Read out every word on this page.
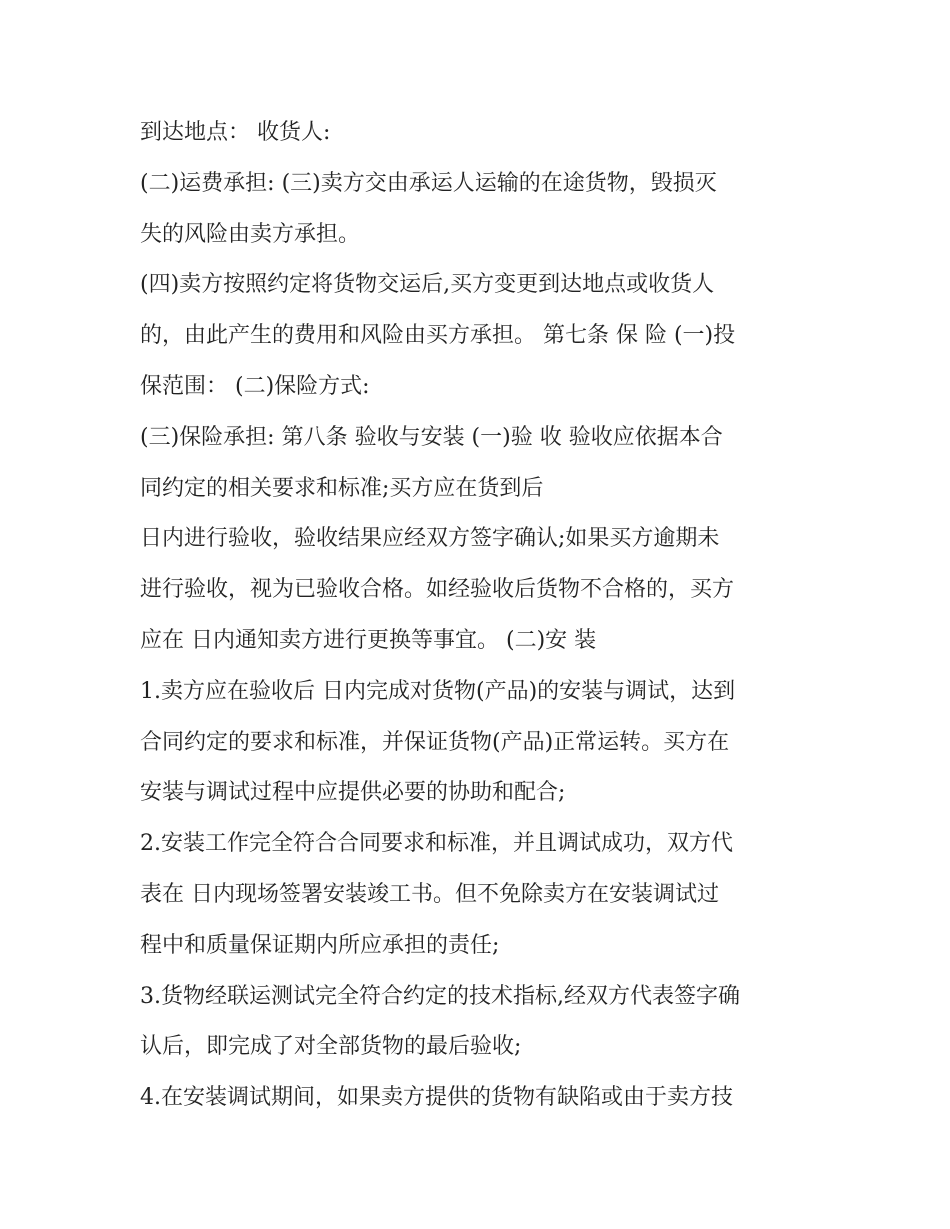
到达地点： 收货人:
(二)运费承担: (三)卖方交由承运人运输的在途货物，毁损灭
失的风险由卖方承担。
(四)卖方按照约定将货物交运后,买方变更到达地点或收货人
的，由此产生的费用和风险由买方承担。 第七条 保 险 (一)投
保范围： (二)保险方式:
(三)保险承担: 第八条 验收与安装 (一)验 收 验收应依据本合
同约定的相关要求和标准;买方应在货到后
日内进行验收，验收结果应经双方签字确认;如果买方逾期未
进行验收，视为已验收合格。如经验收后货物不合格的，买方
应在 日内通知卖方进行更换等事宜。 (二)安 装
1.卖方应在验收后 日内完成对货物(产品)的安装与调试，达到
合同约定的要求和标准，并保证货物(产品)正常运转。买方在
安装与调试过程中应提供必要的协助和配合;
2.安装工作完全符合合同要求和标准，并且调试成功，双方代
表在 日内现场签署安装竣工书。但不免除卖方在安装调试过
程中和质量保证期内所应承担的责任;
3.货物经联运测试完全符合约定的技术指标,经双方代表签字确
认后，即完成了对全部货物的最后验收;
4.在安装调试期间，如果卖方提供的货物有缺陷或由于卖方技
